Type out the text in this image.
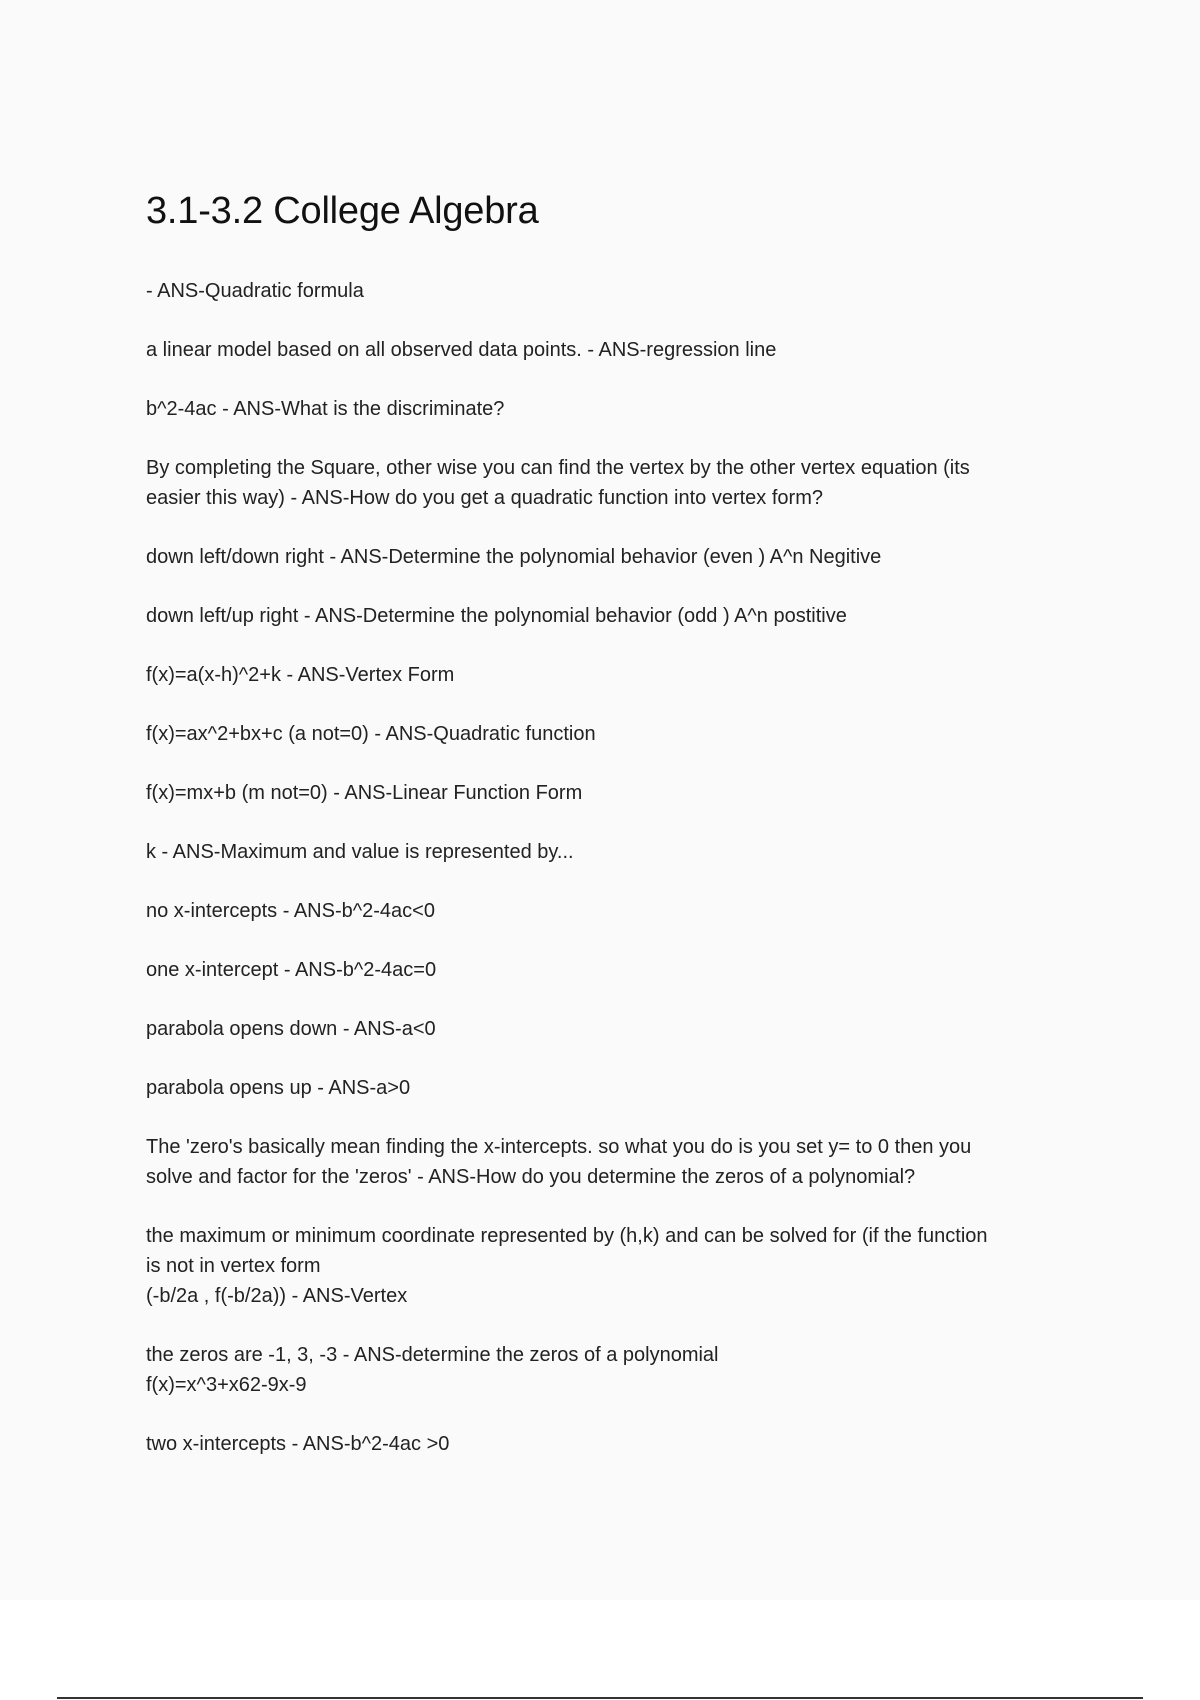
3.1-3.2 College Algebra

- ANS-Quadratic formula

a linear model based on all observed data points. - ANS-regression line

b^2-4ac - ANS-What is the discriminate?

By completing the Square, other wise you can find the vertex by the other vertex equation (its
easier this way) - ANS-How do you get a quadratic function into vertex form?

down left/down right - ANS-Determine the polynomial behavior (even ) A^n Negitive

down left/up right - ANS-Determine the polynomial behavior (odd ) A^n postitive

f(x)=a(x-h)^2+k - ANS-Vertex Form

f(x)=ax^2+bx+c (a not=0) - ANS-Quadratic function

f(x)=mx+b (m not=0) - ANS-Linear Function Form

k - ANS-Maximum and value is represented by...

no x-intercepts - ANS-b^2-4ac<0

one x-intercept - ANS-b^2-4ac=0

parabola opens down - ANS-a<0

parabola opens up - ANS-a>0

The 'zero's basically mean finding the x-intercepts. so what you do is you set y= to 0 then you
solve and factor for the 'zeros' - ANS-How do you determine the zeros of a polynomial?

the maximum or minimum coordinate represented by (h,k) and can be solved for (if the function
is not in vertex form
(-b/2a , f(-b/2a)) - ANS-Vertex

the zeros are -1, 3, -3 - ANS-determine the zeros of a polynomial
f(x)=x^3+x62-9x-9

two x-intercepts - ANS-b^2-4ac >0
